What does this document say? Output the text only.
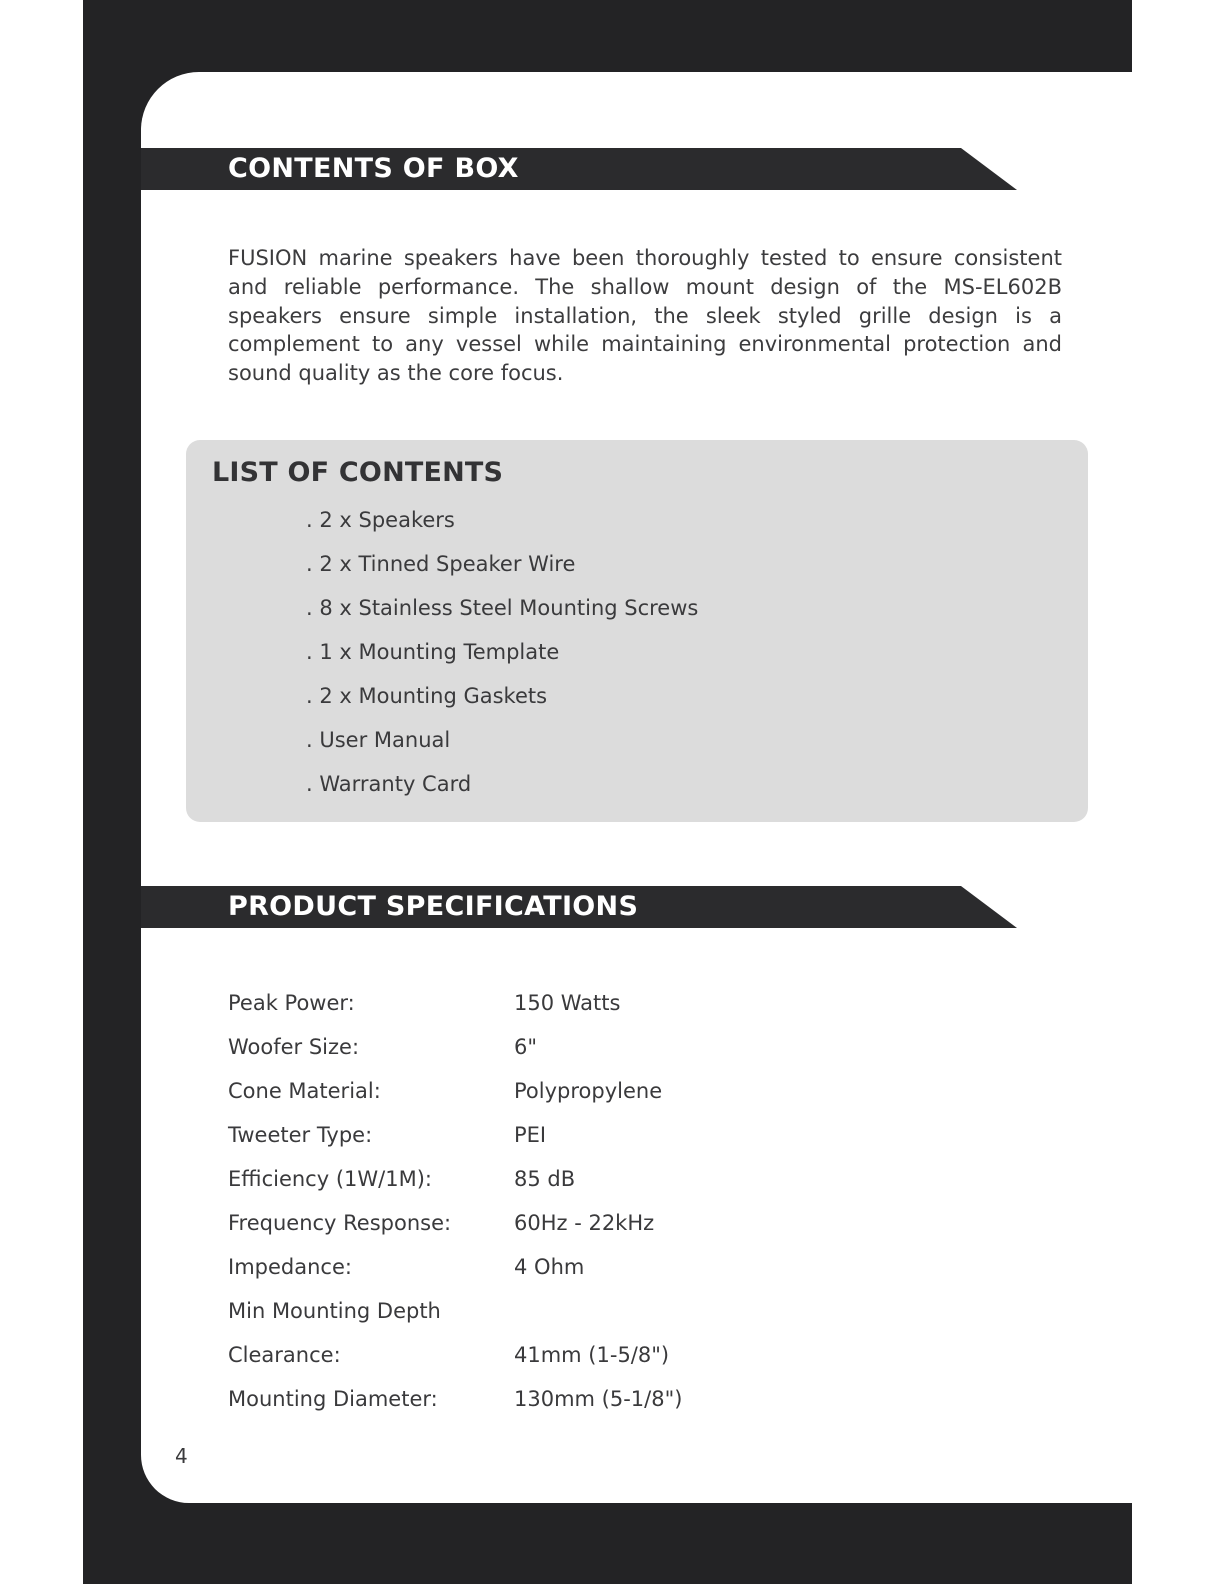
CONTENTS OF BOX

FUSION marine speakers have been thoroughly tested to ensure consistent and reliable performance. The shallow mount design of the MS-EL602B speakers ensure simple installation, the sleek styled grille design is a complement to any vessel while maintaining environmental protection and sound quality as the core focus.

LIST OF CONTENTS
. 2 x Speakers
. 2 x Tinned Speaker Wire
. 8 x Stainless Steel Mounting Screws
. 1 x Mounting Template
. 2 x Mounting Gaskets
. User Manual
. Warranty Card
PRODUCT SPECIFICATIONS
Peak Power:	150 Watts
Woofer Size:	6"
Cone Material:	Polypropylene
Tweeter Type:	PEI
Efficiency (1W/1M):	85 dB
Frequency Response:	60Hz - 22kHz
Impedance:	4 Ohm
Min Mounting Depth
Clearance:	41mm (1-5/8")
Mounting Diameter:	130mm (5-1/8")
4
